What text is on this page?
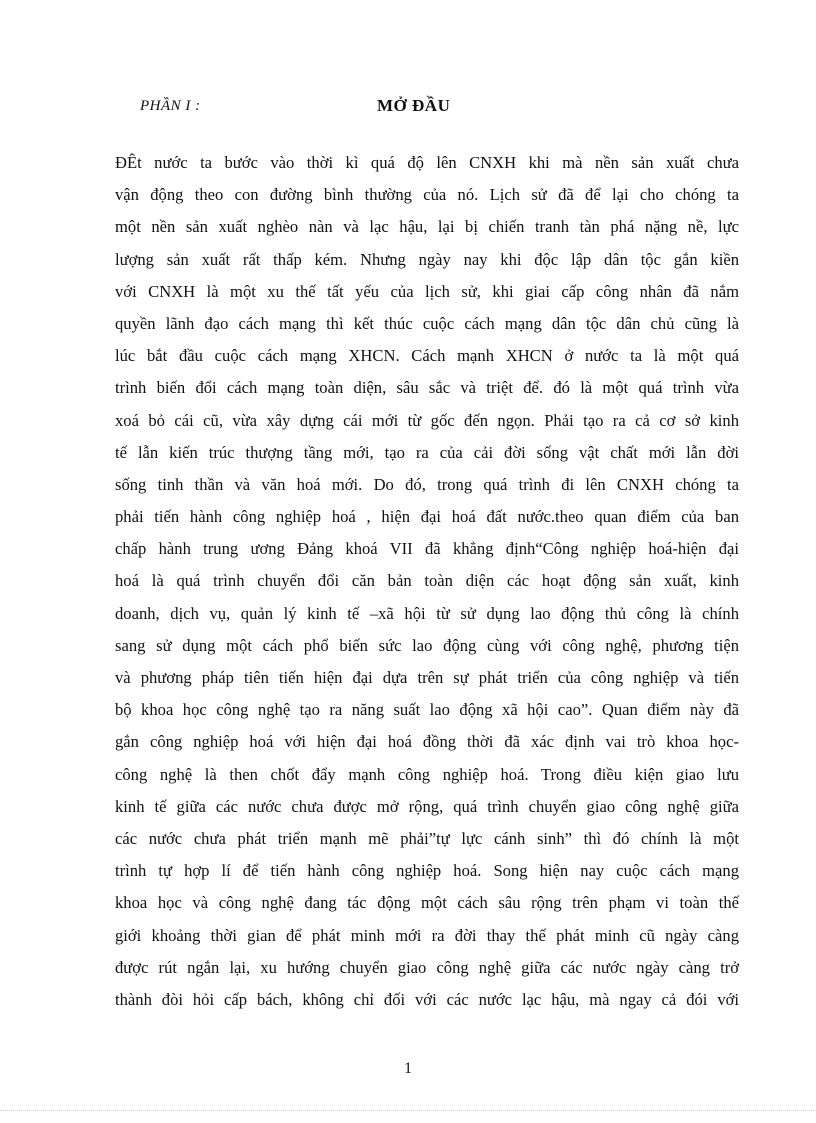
PHẦN I :	MỞ ĐẦU
ĐÊt nước ta bước vào thời kì quá độ lên CNXH khi mà nền sản xuất chưa
vận động theo con đường bình thường của nó. Lịch sử đã để lại cho chóng ta
một nền sản xuất nghèo nàn và lạc hậu, lại bị chiến tranh tàn phá nặng nề, lực
lượng sản xuất rất thấp kém. Nhưng ngày nay khi độc lập dân tộc gắn kiền
với CNXH là một xu thế tất yếu của lịch sử, khi giai cấp công nhân đã nắm
quyền lãnh đạo cách mạng thì kết thúc cuộc cách mạng dân tộc dân chủ cũng là
lúc bắt đầu cuộc cách mạng XHCN. Cách mạnh XHCN ở nước ta là một quá
trình biến đổi cách mạng toàn diện, sâu sắc và triệt để. đó là một quá trình vừa
xoá bỏ cái cũ, vừa xây dựng cái mới từ gốc đến ngọn. Phải tạo ra cả cơ sở kinh
tế lẫn kiến trúc thượng tầng mới, tạo ra của cải đời sống vật chất mới lẫn đời
sống tinh thần và văn hoá mới. Do đó, trong quá trình đi lên CNXH chóng ta
phải tiến hành công nghiệp hoá , hiện đại hoá đất nước.theo quan điểm của ban
chấp hành trung ương Đảng khoá VII đã khẳng định“Công nghiệp hoá-hiện đại
hoá là quá trình chuyển đổi căn bản toàn diện các hoạt động sản xuất, kinh
doanh, dịch vụ, quản lý kinh tế –xã hội từ sử dụng lao động thủ công là chính
sang sử dụng một cách phổ biến sức lao động cùng với công nghệ, phương tiện
và phương pháp tiên tiến hiện đại dựa trên sự phát triển của công nghiệp và tiến
bộ khoa học công nghệ tạo ra năng suất lao động xã hội cao”. Quan điểm này đã
gắn công nghiệp hoá với hiện đại hoá đồng thời đã xác định vai trò khoa học-
công nghệ là then chốt đẩy mạnh công nghiệp hoá. Trong điều kiện giao lưu
kinh tế giữa các nước chưa được mở rộng, quá trình chuyển giao công nghệ giữa
các nước chưa phát triển mạnh mẽ phải”tự lực cánh sinh” thì đó chính là một
trình tự hợp lí để tiến hành công nghiệp hoá. Song hiện nay cuộc cách mạng
khoa học và công nghệ đang tác động một cách sâu rộng trên phạm vi toàn thế
giới khoảng thời gian để phát minh mới ra đời thay thế phát minh cũ ngày càng
được rút ngắn lại, xu hướng chuyển giao công nghệ giữa các nước ngày càng trở
thành đòi hỏi cấp bách, không chỉ đối với các nước lạc hậu, mà ngay cả đói với
1
